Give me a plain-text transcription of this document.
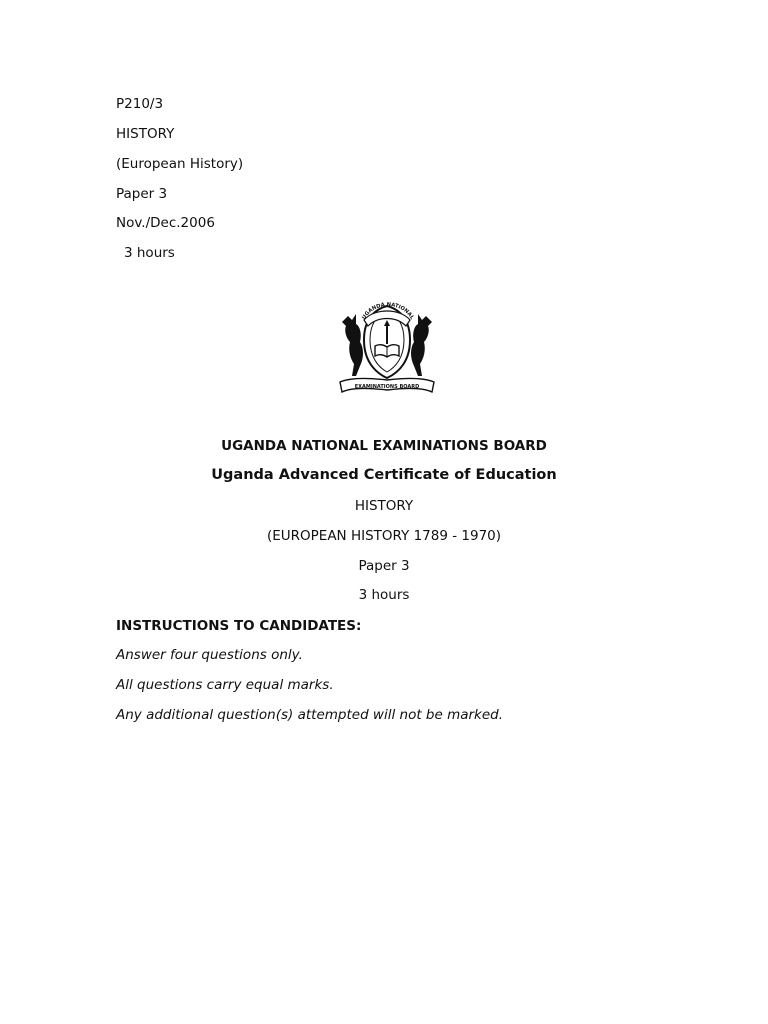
P210/3
HISTORY
(European History)
Paper 3
Nov./Dec.2006
3 hours
UGANDA NATIONAL
EXAMINATIONS BOARD
UGANDA NATIONAL EXAMINATIONS BOARD
Uganda Advanced Certificate of Education
HISTORY
(EUROPEAN HISTORY 1789 - 1970)
Paper 3
3 hours
INSTRUCTIONS TO CANDIDATES:
Answer four questions only.
All questions carry equal marks.
Any additional question(s) attempted will not be marked.
